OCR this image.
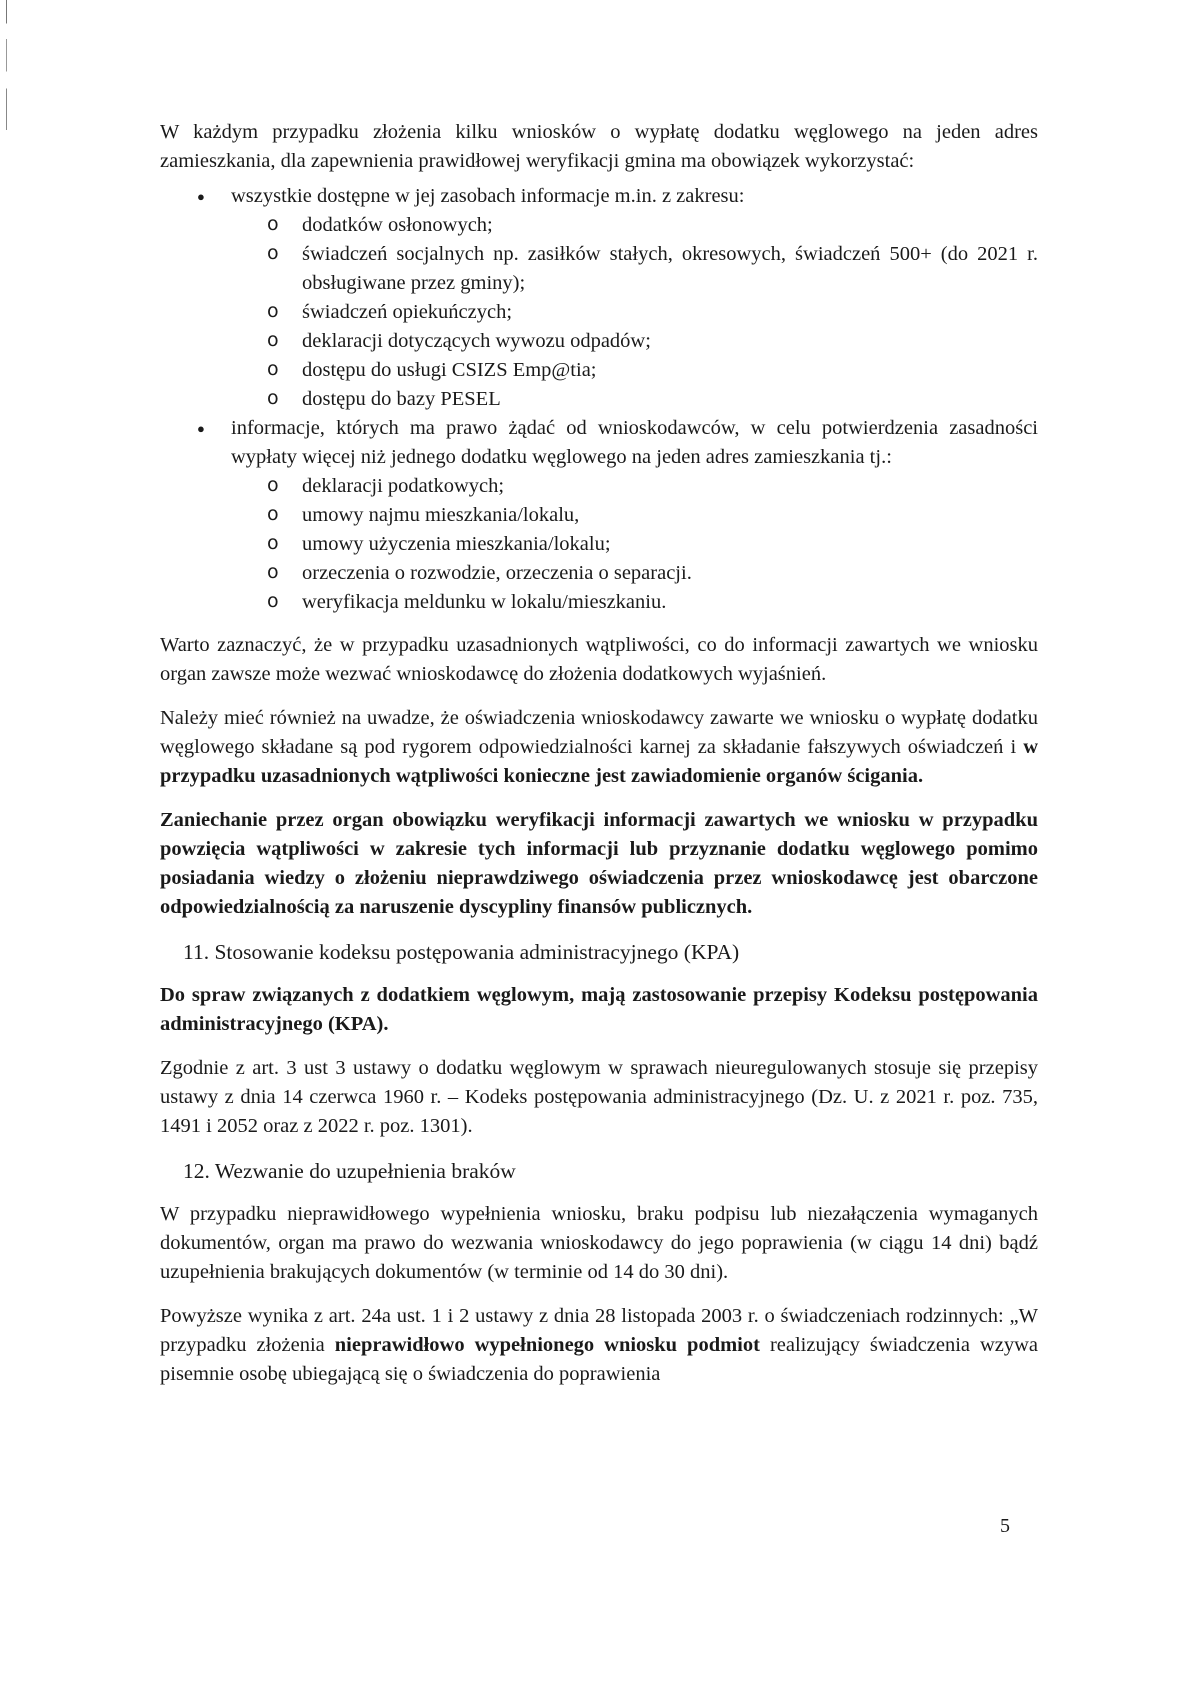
W każdym przypadku złożenia kilku wniosków o wypłatę dodatku węglowego na jeden adres zamieszkania, dla zapewnienia prawidłowej weryfikacji gmina ma obowiązek wykorzystać:

● wszystkie dostępne w jej zasobach informacje m.in. z zakresu:
o dodatków osłonowych;
o świadczeń socjalnych np. zasiłków stałych, okresowych, świadczeń 500+ (do 2021 r. obsługiwane przez gminy);
o świadczeń opiekuńczych;
o deklaracji dotyczących wywozu odpadów;
o dostępu do usługi CSIZS Emp@tia;
o dostępu do bazy PESEL
● informacje, których ma prawo żądać od wnioskodawców, w celu potwierdzenia zasadności wypłaty więcej niż jednego dodatku węglowego na jeden adres zamieszkania tj.:
o deklaracji podatkowych;
o umowy najmu mieszkania/lokalu,
o umowy użyczenia mieszkania/lokalu;
o orzeczenia o rozwodzie, orzeczenia o separacji.
o weryfikacja meldunku w lokalu/mieszkaniu.

Warto zaznaczyć, że w przypadku uzasadnionych wątpliwości, co do informacji zawartych we wniosku organ zawsze może wezwać wnioskodawcę do złożenia dodatkowych wyjaśnień.

Należy mieć również na uwadze, że oświadczenia wnioskodawcy zawarte we wniosku o wypłatę dodatku węglowego składane są pod rygorem odpowiedzialności karnej za składanie fałszywych oświadczeń i w przypadku uzasadnionych wątpliwości konieczne jest zawiadomienie organów ścigania.

Zaniechanie przez organ obowiązku weryfikacji informacji zawartych we wniosku w przypadku powzięcia wątpliwości w zakresie tych informacji lub przyznanie dodatku węglowego pomimo posiadania wiedzy o złożeniu nieprawdziwego oświadczenia przez wnioskodawcę jest obarczone odpowiedzialnością za naruszenie dyscypliny finansów publicznych.

11. Stosowanie kodeksu postępowania administracyjnego (KPA)

Do spraw związanych z dodatkiem węglowym, mają zastosowanie przepisy Kodeksu postępowania administracyjnego (KPA).

Zgodnie z art. 3 ust 3 ustawy o dodatku węglowym w sprawach nieuregulowanych stosuje się przepisy ustawy z dnia 14 czerwca 1960 r. – Kodeks postępowania administracyjnego (Dz. U. z 2021 r. poz. 735, 1491 i 2052 oraz z 2022 r. poz. 1301).

12. Wezwanie do uzupełnienia braków

W przypadku nieprawidłowego wypełnienia wniosku, braku podpisu lub niezałączenia wymaganych dokumentów, organ ma prawo do wezwania wnioskodawcy do jego poprawienia (w ciągu 14 dni) bądź uzupełnienia brakujących dokumentów (w terminie od 14 do 30 dni).

Powyższe wynika z art. 24a ust. 1 i 2 ustawy z dnia 28 listopada 2003 r. o świadczeniach rodzinnych: „W przypadku złożenia nieprawidłowo wypełnionego wniosku podmiot realizujący świadczenia wzywa pisemnie osobę ubiegającą się o świadczenia do poprawienia

5
